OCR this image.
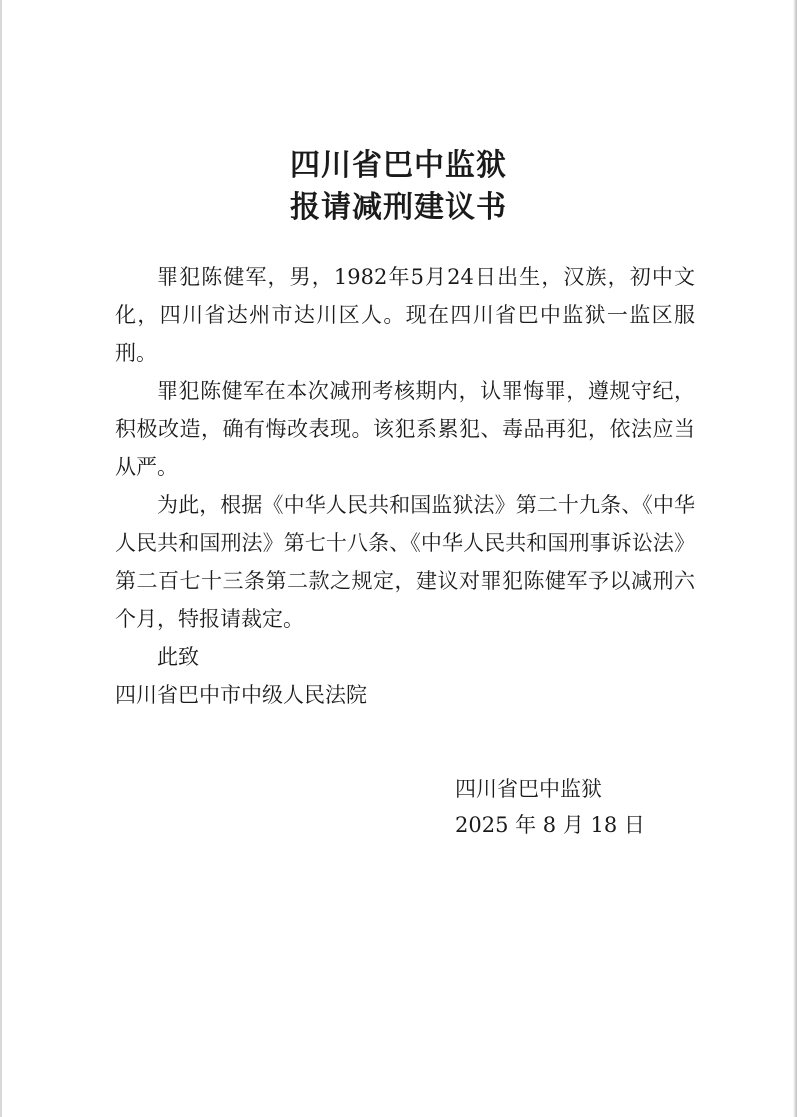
四川省巴中监狱
报请减刑建议书

罪犯陈健军，男，1982年5月24日出生，汉族，初中文化，四川省达州市达川区人。现在四川省巴中监狱一监区服刑。

罪犯陈健军在本次减刑考核期内，认罪悔罪，遵规守纪，积极改造，确有悔改表现。该犯系累犯、毒品再犯，依法应当从严。

为此，根据《中华人民共和国监狱法》第二十九条、《中华人民共和国刑法》第七十八条、《中华人民共和国刑事诉讼法》第二百七十三条第二款之规定，建议对罪犯陈健军予以减刑六个月，特报请裁定。

此致

四川省巴中市中级人民法院

四川省巴中监狱
2025 年 8 月 18 日
